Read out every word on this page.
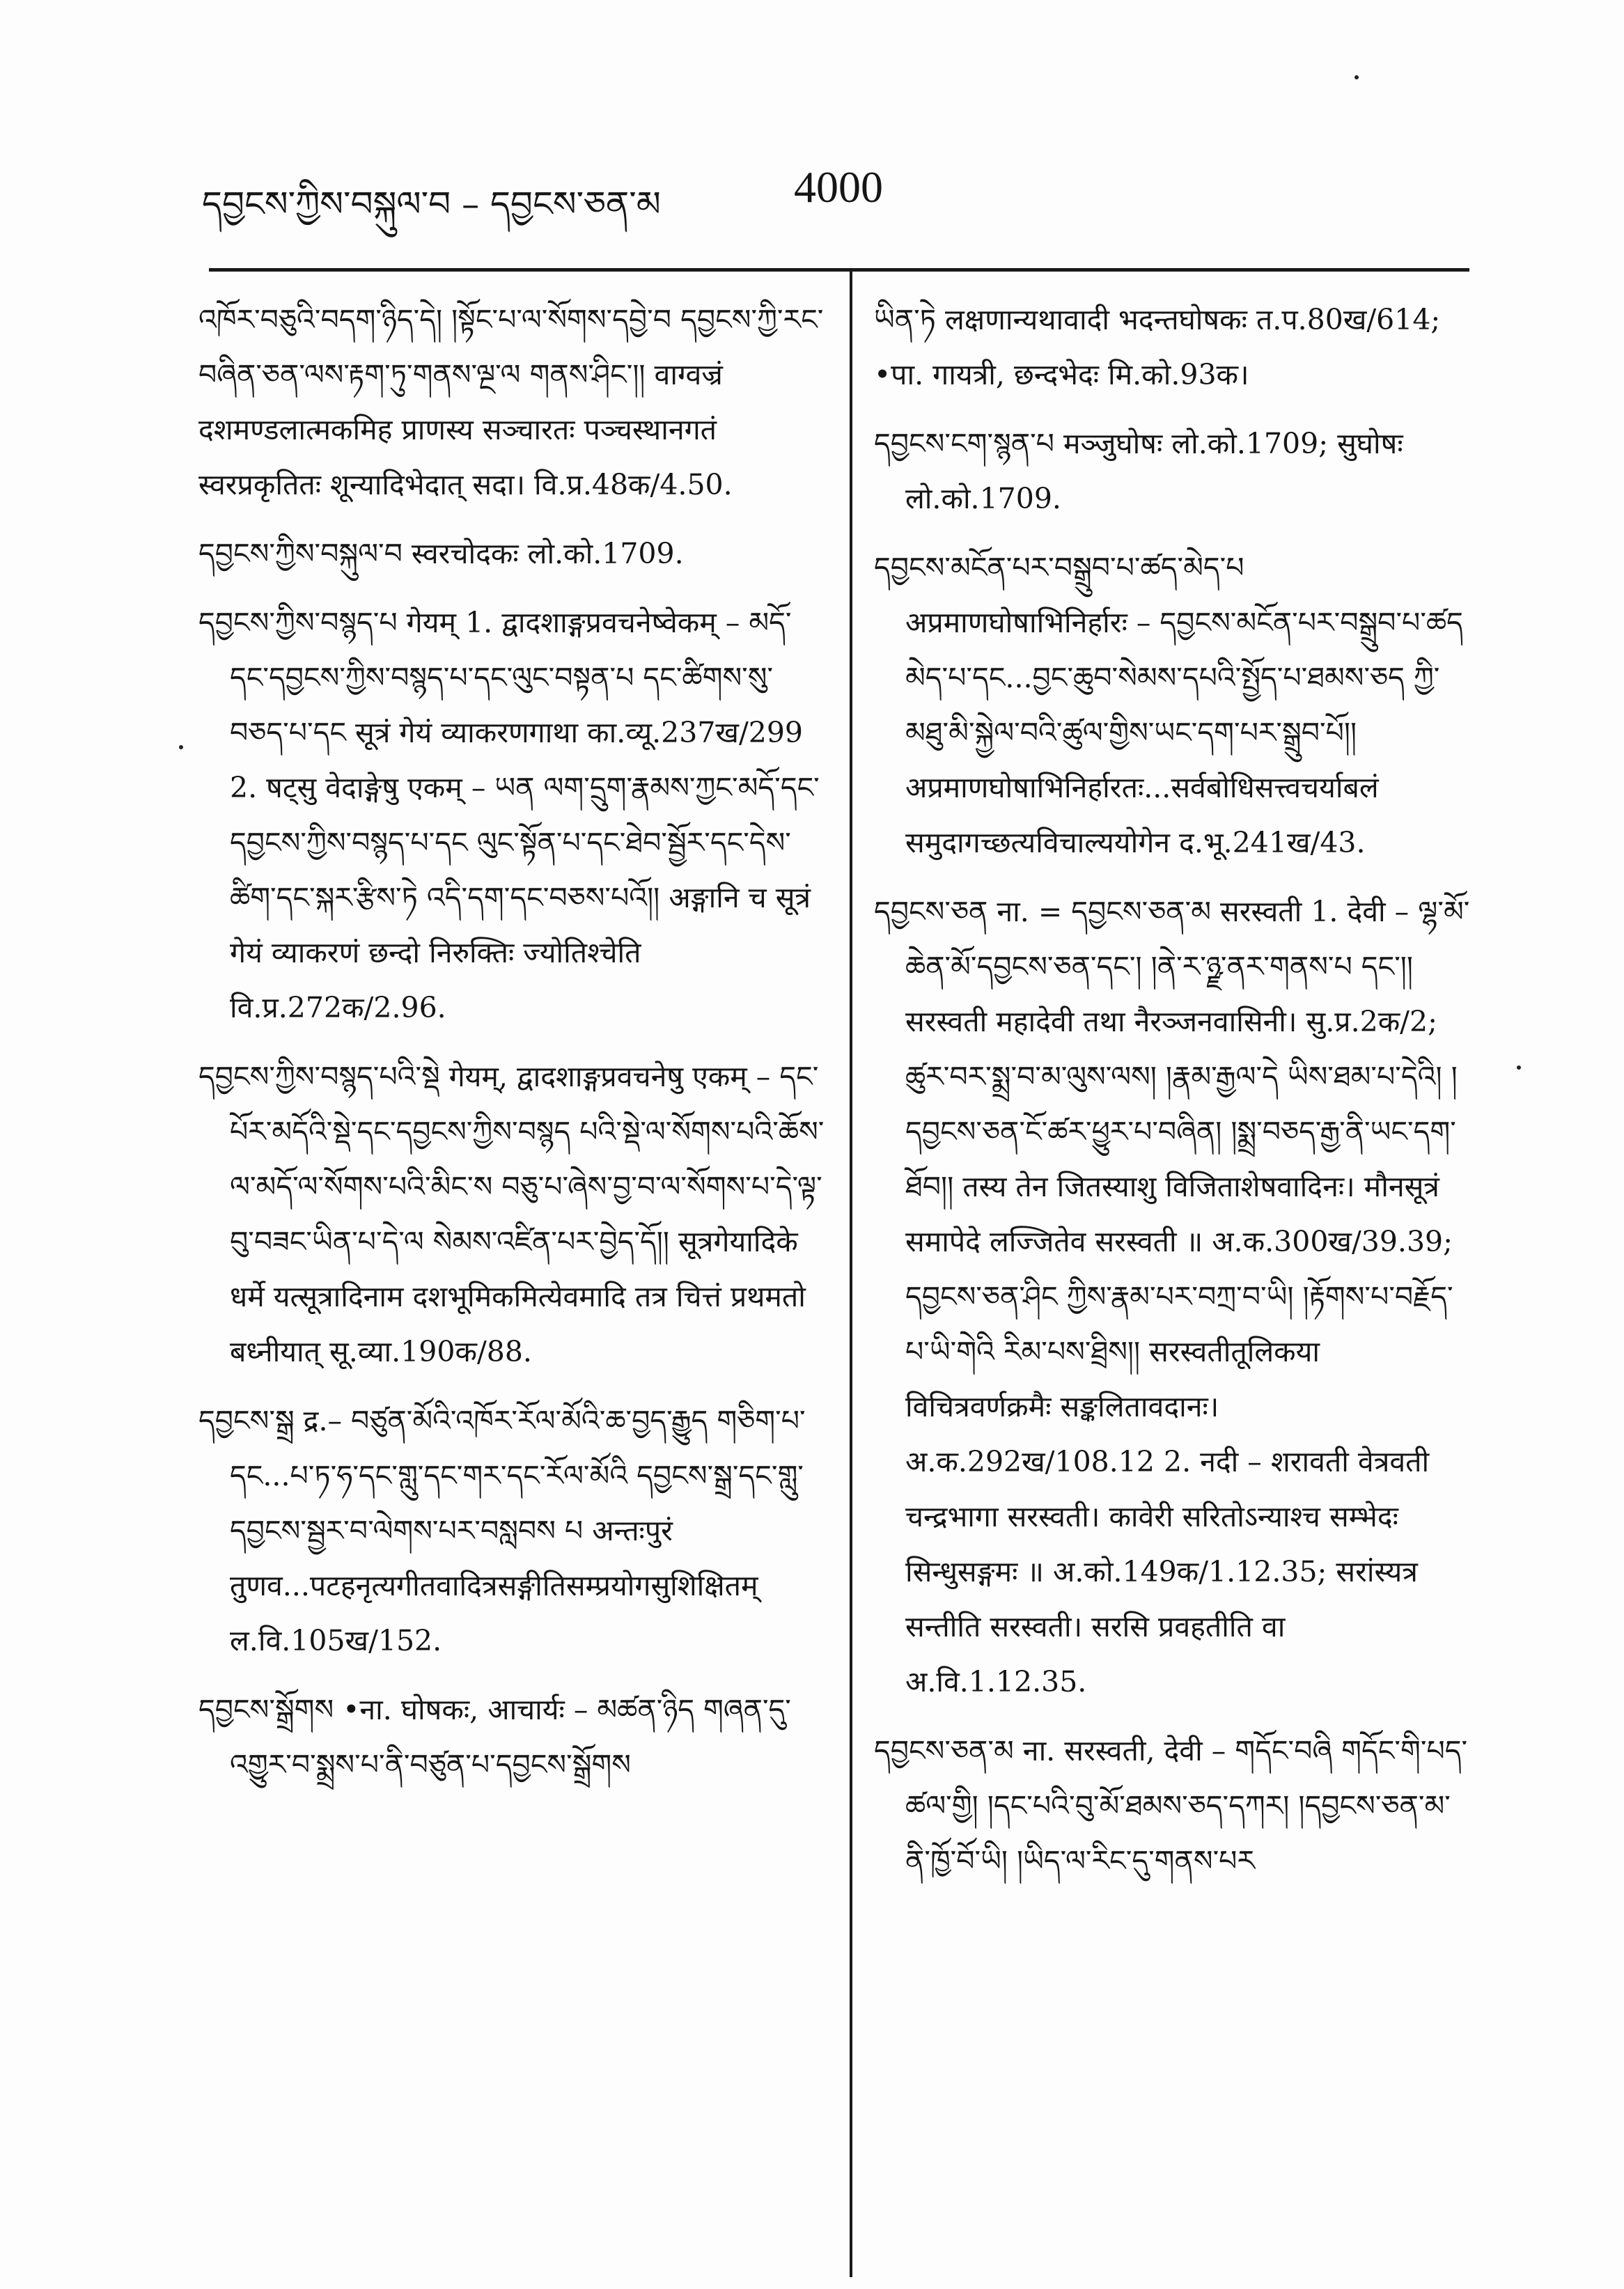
དབྱངས་ཀྱིས་བསྐུལ་བ – དབྱངས་ཅན་མ	4000

འཁོར་བཅུའི་བདག་ཉིད་དེ། །སྟོང་པ་ལ་སོགས་དབྱེ་བ དབྱངས་ཀྱི་རང་བཞིན་ཅན་ལས་རྟག་ཏུ་གནས་ལྔ་ལ གནས་ཤིང་།། वाग्वज्रं दशमण्डलात्मकमिह प्राणस्य सञ्चारतः पञ्चस्थानगतं स्वरप्रकृतितः शून्यादिभेदात् सदा। वि.प्र.48क/4.50.

དབྱངས་ཀྱིས་བསྐུལ་བ स्वरचोदकः लो.को.1709.

དབྱངས་ཀྱིས་བསྙད་པ गेयम् 1. द्वादशाङ्गप्रवचनेष्वेकम् – མདོ་དང་དབྱངས་ཀྱིས་བསྙད་པ་དང་ལུང་བསྟན་པ དང་ཚིགས་སུ་བཅད་པ་དང सूत्रं गेयं व्याकरणगाथा का.व्यू.237ख/299 2. षट्सु वेदाङ्गेषु एकम् – ཡན ལག་དྲུག་རྣམས་ཀྱང་མདོ་དང་དབྱངས་ཀྱིས་བསྙད་པ་དང ལུང་སྟོན་པ་དང་ཐེབ་སྦྱོར་དང་དེས་ཚིག་དང་སྐར་རྩིས་ཏེ འདི་དག་དང་བཅས་པའོ།། अङ्गानि च सूत्रं गेयं व्याकरणं छन्दो निरुक्तिः ज्योतिश्चेति वि.प्र.272क/2.96.

དབྱངས་ཀྱིས་བསྙད་པའི་སྡེ गेयम्, द्वादशाङ्गप्रवचनेषु एकम् – དང་པོར་མདོའི་སྡེ་དང་དབྱངས་ཀྱིས་བསྙད པའི་སྡེ་ལ་སོགས་པའི་ཆོས་ལ་མདོ་ལ་སོགས་པའི་མིང་ས བཅུ་པ་ཞེས་བྱ་བ་ལ་སོགས་པ་དེ་ལྟ་བུ་བཟང་ཡིན་པ་དེ་ལ སེམས་འཛིན་པར་བྱེད་དོ།། सूत्रगेयादिके धर्मे यत्सूत्रादिनाम दशभूमिकमित्येवमादि तत्र चित्तं प्रथमतो बध्नीयात् सू.व्या.190क/88.

དབྱངས་སྒྲ द्र.– བཙུན་མོའི་འཁོར་རོལ་མོའི་ཆ་བྱད་རྒྱུད གཅིག་པ་དང...པ་ཏ་ཧ་དང་གླུ་དང་གར་དང་རོལ་མོའི དབྱངས་སྒྲ་དང་གླུ་དབྱངས་སྦྱར་བ་ལེགས་པར་བསླབས པ अन्तःपुरं तुणव...पटहनृत्यगीतवादित्रसङ्गीतिसम्प्रयोगसुशिक्षितम् ल.वि.105ख/152.

དབྱངས་སྒྲོགས •ना. घोषकः, आचार्यः – མཚན་ཉིད གཞན་དུ་འགྱུར་བ་སྨྲས་པ་ནི་བཙུན་པ་དབྱངས་སྒྲོགས

ཡིན་ཏེ लक्षणान्यथावादी भदन्तघोषकः त.प.80ख/614; •पा. गायत्री, छन्दभेदः मि.को.93क।

དབྱངས་ངག་སྙན་པ मञ्जुघोषः लो.को.1709; सुघोषः लो.को.1709.

དབྱངས་མངོན་པར་བསྒྲུབ་པ་ཚད་མེད་པ अप्रमाणघोषाभिनिर्हारः – དབྱངས་མངོན་པར་བསྒྲུབ་པ་ཚད མེད་པ་དང...བྱང་ཆུབ་སེམས་དཔའི་སྤྱོད་པ་ཐམས་ཅད ཀྱི་མཐུ་མི་སྐྱེལ་བའི་ཚུལ་གྱིས་ཡང་དག་པར་སྒྲུབ་པོ།། अप्रमाणघोषाभिनिर्हारतः...सर्वबोधिसत्त्वचर्याबलं समुदागच्छत्यविचाल्ययोगेन द.भू.241ख/43.

དབྱངས་ཅན ना. = དབྱངས་ཅན་མ सरस्वती 1. देवी – ལྷ་མོ་ཆེན་མོ་དབྱངས་ཅན་དང་། །ནེ་ར་ཉྫ་ནར་གནས་པ དང་།། सरस्वती महादेवी तथा नैरञ्जनवासिनी। सु.प्र.2क/2; ཚུར་བར་སྨྲ་བ་མ་ལུས་ལས། །རྣམ་རྒྱལ་དེ ཡིས་ཐམ་པ་དེའི། །དབྱངས་ཅན་ངོ་ཚར་ཕྱུར་པ་བཞིན། །སྨྲ་བཅད་རྒྱ་ནི་ཡང་དག་ཐོབ།། तस्य तेन जितस्याशु विजिताशेषवादिनः। मौनसूत्रं समापेदे लज्जितेव सरस्वती ॥ अ.क.300ख/39.39; དབྱངས་ཅན་ཤིང ཀྱིས་རྣམ་པར་བཀྲ་བ་ཡི། །རྟོགས་པ་བརྗོད་པ་ཡི་གེའི རིམ་པས་ཐྲིས།། सरस्वतीतूलिकया विचित्रवर्णक्रमैः सङ्कलितावदानः। अ.क.292ख/108.12 2. नदी – शरावती वेत्रवती चन्द्रभागा सरस्वती। कावेरी सरितोऽन्याश्च सम्भेदः सिन्धुसङ्गमः ॥ अ.को.149क/1.12.35; सरांस्यत्र सन्तीति सरस्वती। सरसि प्रवहतीति वा अ.वि.1.12.35.

དབྱངས་ཅན་མ ना. सरस्वती, देवी – གདོང་བཞི གདོང་གི་པད་ཚལ་གྱི། །དང་པའི་བུ་མོ་ཐམས་ཅད་དཀར། །དབྱངས་ཅན་མ་ནི་ཁྱོ་བོ་ཡི། །ཡིད་ལ་རིང་དུ་གནས་པར
